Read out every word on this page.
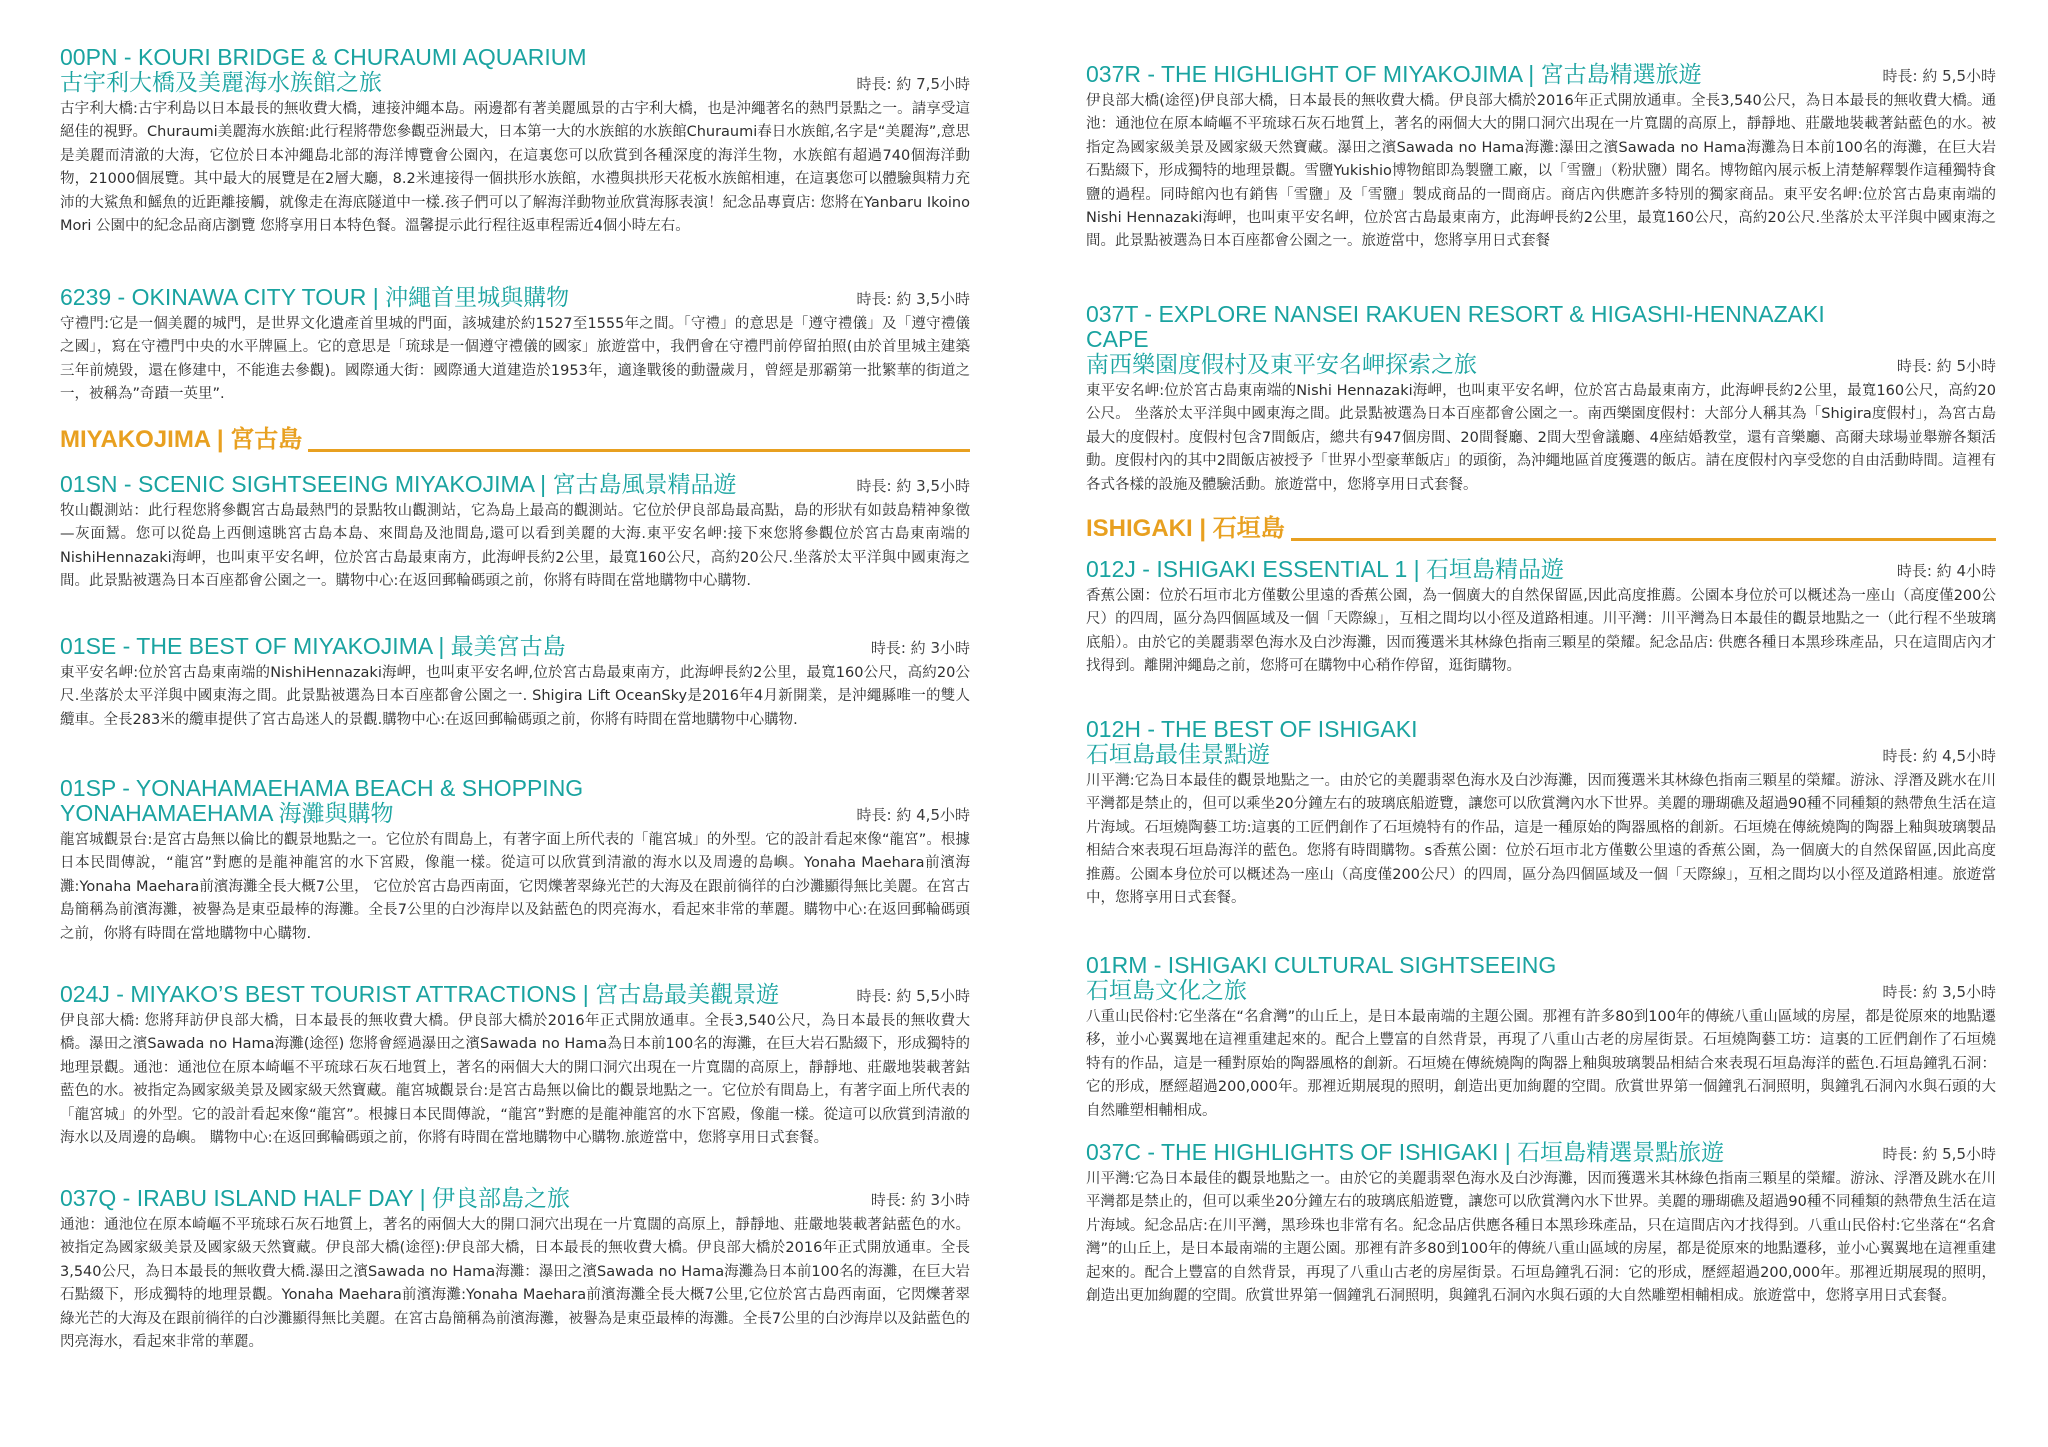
00PN - KOURI BRIDGE & CHURAUMI AQUARIUM
古宇利大橋及美麗海水族館之旅	時長: 約 7,5小時

古宇利大橋:古宇利島以日本最長的無收費大橋，連接沖繩本島。兩邊都有著美麗風景的古宇利大橋，也是沖繩著名的熱門景點之一。請享受這絕佳的視野。Churaumi美麗海水族館:此行程將帶您參觀亞洲最大，日本第一大的水族館的水族館Churaumi春日水族館,名字是“美麗海”,意思是美麗而清澈的大海，它位於日本沖繩島北部的海洋博覽會公園內，在這裏您可以欣賞到各種深度的海洋生物，水族館有超過740個海洋動物，21000個展覽。其中最大的展覽是在2層大廳，8.2米連接得一個拱形水族館，水禮與拱形天花板水族館相連，在這裏您可以體驗與精力充沛的大鯊魚和鰩魚的近距離接觸，就像走在海底隧道中一樣.孩子們可以了解海洋動物並欣賞海豚表演！紀念品專賣店: 您將在Yanbaru Ikoino Mori 公園中的紀念品商店瀏覽 您將享用日本特色餐。溫馨提示此行程往返車程需近4個小時左右。

6239 - OKINAWA CITY TOUR | 沖繩首里城與購物	時長: 約 3,5小時

守禮門:它是一個美麗的城門，是世界文化遺產首里城的門面，該城建於約1527至1555年之間。「守禮」的意思是「遵守禮儀」及「遵守禮儀之國」，寫在守禮門中央的水平牌匾上。它的意思是「琉球是一個遵守禮儀的國家」旅遊當中，我們會在守禮門前停留拍照(由於首里城主建築三年前燒毀，還在修建中，不能進去參觀)。國際通大街：國際通大道建造於1953年，適逢戰後的動盪歲月，曾經是那霸第一批繁華的街道之一，被稱為”奇蹟一英里”.

MIYAKOJIMA | 宮古島
01SN - SCENIC SIGHTSEEING MIYAKOJIMA | 宮古島風景精品遊	時長: 約 3,5小時

牧山觀測站：此行程您將參觀宮古島最熱門的景點牧山觀測站，它為島上最高的觀測站。它位於伊良部島最高點，島的形狀有如鼓島精神象徵—灰面鵟。您可以從島上西側遠眺宮古島本島、來間島及池間島,還可以看到美麗的大海.東平安名岬:接下來您將參觀位於宮古島東南端的NishiHennazaki海岬，也叫東平安名岬，位於宮古島最東南方，此海岬長約2公里，最寬160公尺，高約20公尺.坐落於太平洋與中國東海之間。此景點被選為日本百座都會公園之一。購物中心:在返回郵輪碼頭之前，你將有時間在當地購物中心購物.

01SE - THE BEST OF MIYAKOJIMA | 最美宮古島	時長: 約 3小時

東平安名岬:位於宮古島東南端的NishiHennazaki海岬，也叫東平安名岬,位於宮古島最東南方，此海岬長約2公里，最寬160公尺，高約20公尺.坐落於太平洋與中國東海之間。此景點被選為日本百座都會公園之一. Shigira Lift OceanSky是2016年4月新開業，是沖繩縣唯一的雙人纜車。全長283米的纜車提供了宮古島迷人的景觀.購物中心:在返回郵輪碼頭之前，你將有時間在當地購物中心購物.

01SP - YONAHAMAEHAMA BEACH & SHOPPING
YONAHAMAEHAMA 海灘與購物	時長: 約 4,5小時

龍宮城觀景台:是宮古島無以倫比的觀景地點之一。它位於有間島上，有著字面上所代表的「龍宮城」的外型。它的設計看起來像“龍宮”。根據日本民間傳說，“龍宮”對應的是龍神龍宮的水下宮殿，像龍一樣。從這可以欣賞到清澈的海水以及周邊的島嶼。Yonaha Maehara前濱海灘:Yonaha Maehara前濱海灘全長大概7公里， 它位於宮古島西南面，它閃爍著翠綠光芒的大海及在跟前徜徉的白沙灘顯得無比美麗。在宮古島簡稱為前濱海灘，被譽為是東亞最棒的海灘。全長7公里的白沙海岸以及鈷藍色的閃亮海水，看起來非常的華麗。購物中心:在返回郵輪碼頭之前，你將有時間在當地購物中心購物.

024J - MIYAKO’S BEST TOURIST ATTRACTIONS | 宮古島最美觀景遊	時長: 約 5,5小時

伊良部大橋: 您將拜訪伊良部大橋，日本最長的無收費大橋。伊良部大橋於2016年正式開放通車。全長3,540公尺，為日本最長的無收費大橋。瀑田之濱Sawada no Hama海灘(途徑) 您將會經過瀑田之濱Sawada no Hama為日本前100名的海灘，在巨大岩石點綴下，形成獨特的地理景觀。通池：通池位在原本崎嶇不平琉球石灰石地質上，著名的兩個大大的開口洞穴出現在一片寬闊的高原上，靜靜地、莊嚴地裝載著鈷藍色的水。被指定為國家級美景及國家級天然寶藏。龍宮城觀景台:是宮古島無以倫比的觀景地點之一。它位於有間島上，有著字面上所代表的「龍宮城」的外型。它的設計看起來像“龍宮”。根據日本民間傳說，“龍宮”對應的是龍神龍宮的水下宮殿，像龍一樣。從這可以欣賞到清澈的海水以及周邊的島嶼。 購物中心:在返回郵輪碼頭之前，你將有時間在當地購物中心購物.旅遊當中，您將享用日式套餐。

037Q - IRABU ISLAND HALF DAY | 伊良部島之旅	時長: 約 3小時

通池：通池位在原本崎嶇不平琉球石灰石地質上，著名的兩個大大的開口洞穴出現在一片寬闊的高原上，靜靜地、莊嚴地裝載著鈷藍色的水。被指定為國家級美景及國家級天然寶藏。伊良部大橋(途徑):伊良部大橋，日本最長的無收費大橋。伊良部大橋於2016年正式開放通車。全長3,540公尺，為日本最長的無收費大橋.瀑田之濱Sawada no Hama海灘：瀑田之濱Sawada no Hama海灘為日本前100名的海灘，在巨大岩石點綴下，形成獨特的地理景觀。Yonaha Maehara前濱海灘:Yonaha Maehara前濱海灘全長大概7公里,它位於宮古島西南面，它閃爍著翠綠光芒的大海及在跟前徜徉的白沙灘顯得無比美麗。在宮古島簡稱為前濱海灘，被譽為是東亞最棒的海灘。全長7公里的白沙海岸以及鈷藍色的閃亮海水，看起來非常的華麗。

037R - THE HIGHLIGHT OF MIYAKOJIMA | 宮古島精選旅遊	時長: 約 5,5小時

伊良部大橋(途徑)伊良部大橋，日本最長的無收費大橋。伊良部大橋於2016年正式開放通車。全長3,540公尺，為日本最長的無收費大橋。通池：通池位在原本崎嶇不平琉球石灰石地質上，著名的兩個大大的開口洞穴出現在一片寬闊的高原上，靜靜地、莊嚴地裝載著鈷藍色的水。被指定為國家級美景及國家級天然寶藏。瀑田之濱Sawada no Hama海灘:瀑田之濱Sawada no Hama海灘為日本前100名的海灘，在巨大岩石點綴下，形成獨特的地理景觀。雪鹽Yukishio博物館即為製鹽工廠，以「雪鹽」（粉狀鹽）聞名。博物館內展示板上清楚解釋製作這種獨特食鹽的過程。同時館內也有銷售「雪鹽」及「雪鹽」製成商品的一間商店。商店內供應許多特別的獨家商品。東平安名岬:位於宮古島東南端的Nishi Hennazaki海岬，也叫東平安名岬，位於宮古島最東南方，此海岬長約2公里，最寬160公尺，高約20公尺.坐落於太平洋與中國東海之間。此景點被選為日本百座都會公園之一。旅遊當中，您將享用日式套餐

037T - EXPLORE NANSEI RAKUEN RESORT & HIGASHI-HENNAZAKI CAPE
南西樂園度假村及東平安名岬探索之旅	時長: 約 5小時

東平安名岬:位於宮古島東南端的Nishi Hennazaki海岬，也叫東平安名岬，位於宮古島最東南方，此海岬長約2公里，最寬160公尺，高約20公尺。 坐落於太平洋與中國東海之間。此景點被選為日本百座都會公園之一。南西樂園度假村：大部分人稱其為「Shigira度假村」，為宮古島最大的度假村。度假村包含7間飯店，總共有947個房間、20間餐廳、2間大型會議廳、4座結婚教堂，還有音樂廳、高爾夫球場並舉辦各類活動。度假村內的其中2間飯店被授予「世界小型豪華飯店」的頭銜，為沖繩地區首度獲選的飯店。請在度假村內享受您的自由活動時間。這裡有各式各樣的設施及體驗活動。旅遊當中，您將享用日式套餐。

ISHIGAKI | 石垣島
012J - ISHIGAKI ESSENTIAL 1 | 石垣島精品遊	時長: 約 4小時

香蕉公園：位於石垣市北方僅數公里遠的香蕉公園，為一個廣大的自然保留區,因此高度推薦。公園本身位於可以概述為一座山（高度僅200公尺）的四周，區分為四個區域及一個「天際線」，互相之間均以小徑及道路相連。川平灣：川平灣為日本最佳的觀景地點之一（此行程不坐玻璃底船）。由於它的美麗翡翠色海水及白沙海灘，因而獲選米其林綠色指南三顆星的榮耀。紀念品店: 供應各種日本黑珍珠產品，只在這間店內才找得到。離開沖繩島之前，您將可在購物中心稍作停留，逛街購物。

012H - THE BEST OF ISHIGAKI
石垣島最佳景點遊	時長: 約 4,5小時

川平灣:它為日本最佳的觀景地點之一。由於它的美麗翡翠色海水及白沙海灘，因而獲選米其林綠色指南三顆星的榮耀。游泳、浮潛及跳水在川平灣都是禁止的，但可以乘坐20分鐘左右的玻璃底船遊覽，讓您可以欣賞灣內水下世界。美麗的珊瑚礁及超過90種不同種類的熱帶魚生活在這片海域。石垣燒陶藝工坊:這裏的工匠們創作了石垣燒特有的作品，這是一種原始的陶器風格的創新。石垣燒在傳統燒陶的陶器上釉與玻璃製品相結合來表現石垣島海洋的藍色。您將有時間購物。s香蕉公園：位於石垣市北方僅數公里遠的香蕉公園，為一個廣大的自然保留區,因此高度推薦。公園本身位於可以概述為一座山（高度僅200公尺）的四周，區分為四個區域及一個「天際線」，互相之間均以小徑及道路相連。旅遊當中，您將享用日式套餐。

01RM - ISHIGAKI CULTURAL SIGHTSEEING
石垣島文化之旅	時長: 約 3,5小時

八重山民俗村:它坐落在“名倉灣”的山丘上，是日本最南端的主題公園。那裡有許多80到100年的傳統八重山區域的房屋，都是從原來的地點遷移，並小心翼翼地在這裡重建起來的。配合上豐富的自然背景，再現了八重山古老的房屋街景。石垣燒陶藝工坊：這裏的工匠們創作了石垣燒特有的作品，這是一種對原始的陶器風格的創新。石垣燒在傳統燒陶的陶器上釉與玻璃製品相結合來表現石垣島海洋的藍色.石垣島鐘乳石洞：它的形成，歷經超過200,000年。那裡近期展現的照明，創造出更加絢麗的空間。欣賞世界第一個鐘乳石洞照明，與鐘乳石洞內水與石頭的大自然雕塑相輔相成。

037C - THE HIGHLIGHTS OF ISHIGAKI | 石垣島精選景點旅遊	時長: 約 5,5小時

川平灣:它為日本最佳的觀景地點之一。由於它的美麗翡翠色海水及白沙海灘，因而獲選米其林綠色指南三顆星的榮耀。游泳、浮潛及跳水在川平灣都是禁止的，但可以乘坐20分鐘左右的玻璃底船遊覽，讓您可以欣賞灣內水下世界。美麗的珊瑚礁及超過90種不同種類的熱帶魚生活在這片海域。紀念品店:在川平灣，黑珍珠也非常有名。紀念品店供應各種日本黑珍珠產品，只在這間店內才找得到。八重山民俗村:它坐落在“名倉灣”的山丘上，是日本最南端的主題公園。那裡有許多80到100年的傳統八重山區域的房屋，都是從原來的地點遷移，並小心翼翼地在這裡重建起來的。配合上豐富的自然背景，再現了八重山古老的房屋街景。石垣島鐘乳石洞：它的形成，歷經超過200,000年。那裡近期展現的照明，創造出更加絢麗的空間。欣賞世界第一個鐘乳石洞照明，與鐘乳石洞內水與石頭的大自然雕塑相輔相成。旅遊當中，您將享用日式套餐。
